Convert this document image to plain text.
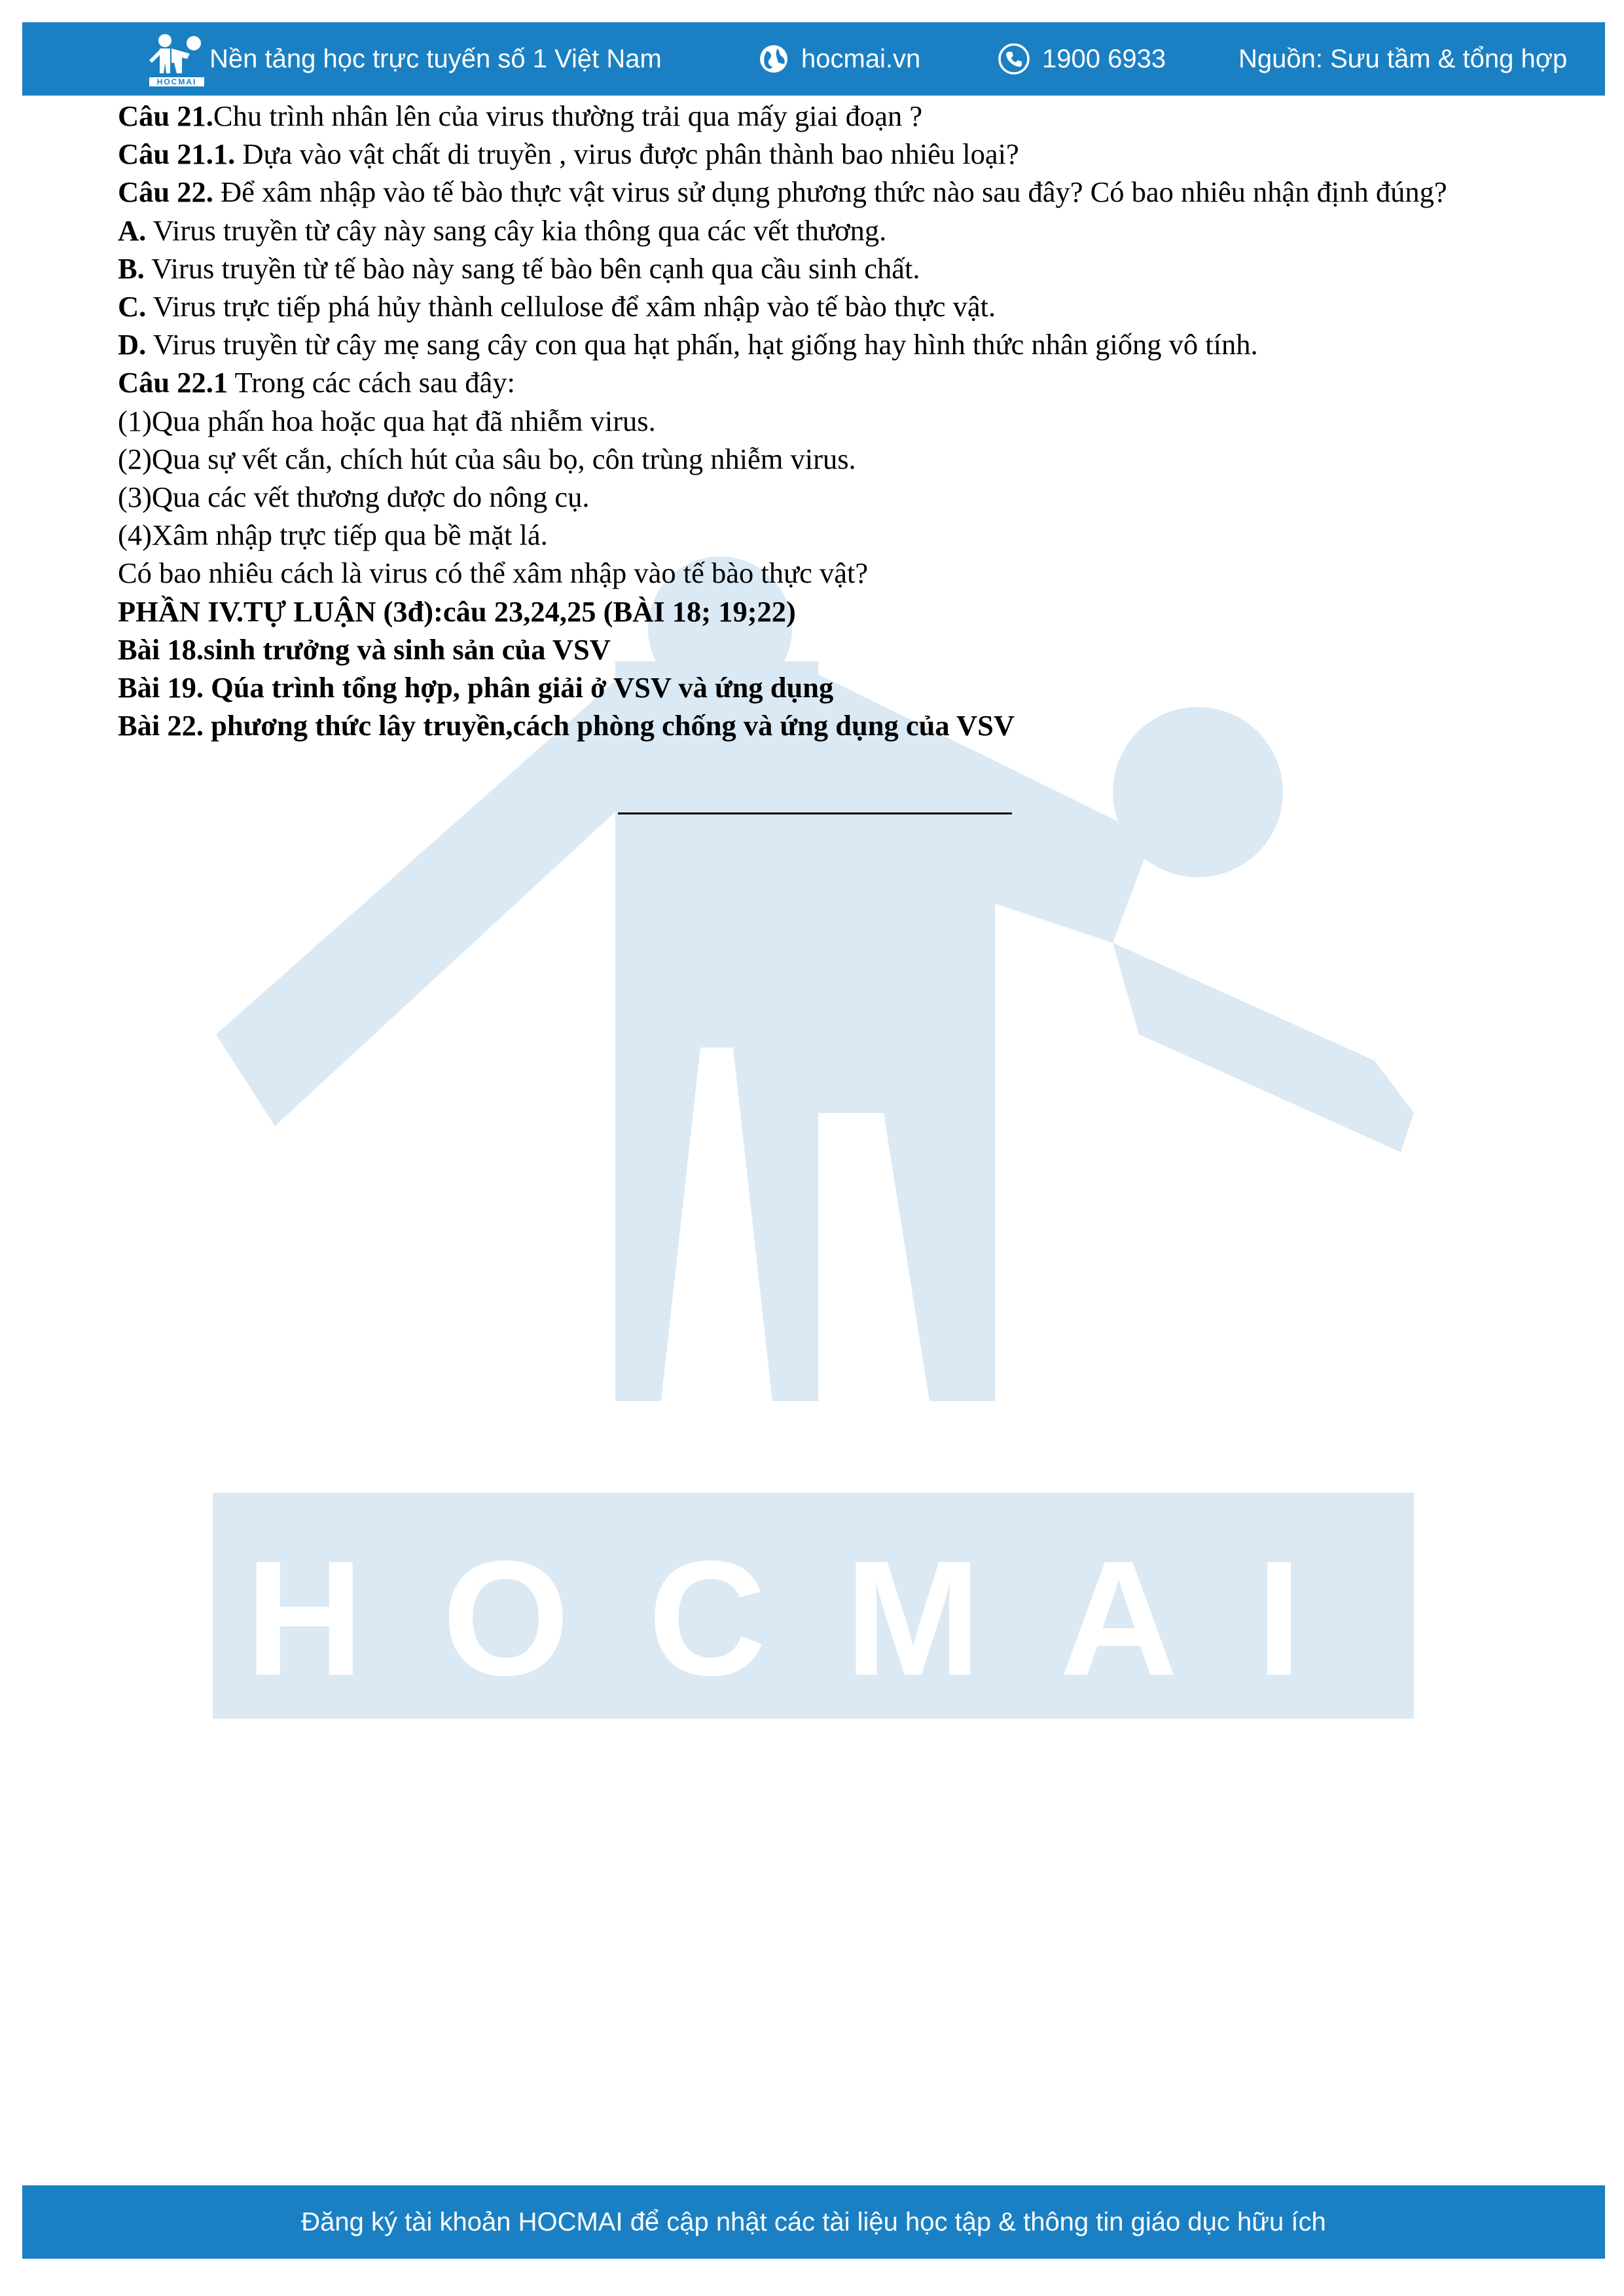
HOCMAI
HOCMAI
Nền tảng học trực tuyến số 1 Việt Nam	hocmai.vn	1900 6933	Nguồn: Sưu tầm & tổng hợp

Câu 21.Chu trình nhân lên của virus thường trải qua mấy giai đoạn ?

Câu 21.1. Dựa vào vật chất di truyền , virus được phân thành bao nhiêu loại?

Câu 22. Để xâm nhập vào tế bào thực vật virus sử dụng phương thức nào sau đây? Có bao nhiêu nhận định đúng?

A. Virus truyền từ cây này sang cây kia thông qua các vết thương.

B. Virus truyền từ tế bào này sang tế bào bên cạnh qua cầu sinh chất.

C. Virus trực tiếp phá hủy thành cellulose để xâm nhập vào tế bào thực vật.

D. Virus truyền từ cây mẹ sang cây con qua hạt phấn, hạt giống hay hình thức nhân giống vô tính.

Câu 22.1 Trong các cách sau đây:

(1)Qua phấn hoa hoặc qua hạt đã nhiễm virus.

(2)Qua sự vết cắn, chích hút của sâu bọ, côn trùng nhiễm virus.

(3)Qua các vết thương dược do nông cụ.

(4)Xâm nhập trực tiếp qua bề mặt lá.

Có bao nhiêu cách là virus có thể xâm nhập vào tế bào thực vật?

PHẦN IV.TỰ LUẬN (3đ):câu 23,24,25 (BÀI 18; 19;22)

Bài 18.sinh trưởng và sinh sản của VSV

Bài 19. Qúa trình tổng hợp, phân giải ở VSV và ứng dụng

Bài 22. phương thức lây truyền,cách phòng chống và ứng dụng của VSV

Đăng ký tài khoản HOCMAI để cập nhật các tài liệu học tập & thông tin giáo dục hữu ích
